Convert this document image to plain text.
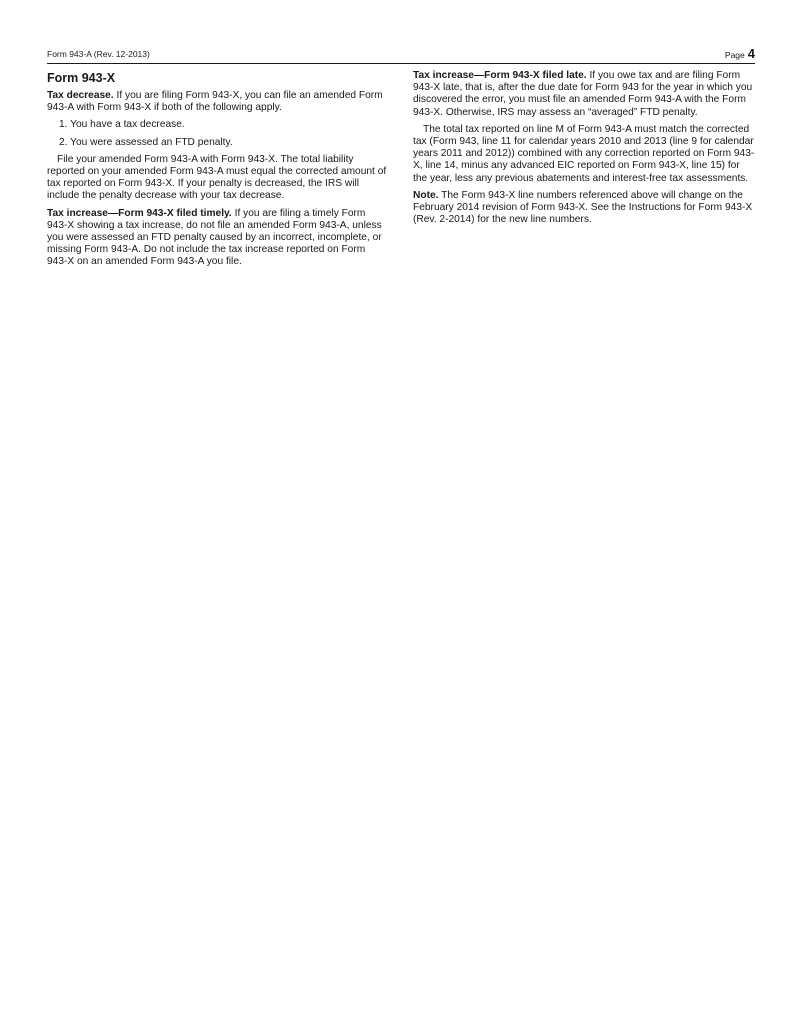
Form 943-A (Rev. 12-2013)	Page 4
Form 943-X

Tax decrease. If you are filing Form 943-X, you can file an amended Form 943-A with Form 943-X if both of the following apply.

1. You have a tax decrease.

2. You were assessed an FTD penalty.

File your amended Form 943-A with Form 943-X. The total liability reported on your amended Form 943-A must equal the corrected amount of tax reported on Form 943-X. If your penalty is decreased, the IRS will include the penalty decrease with your tax decrease.

Tax increase—Form 943-X filed timely. If you are filing a timely Form 943-X showing a tax increase, do not file an amended Form 943-A, unless you were assessed an FTD penalty caused by an incorrect, incomplete, or missing Form 943-A. Do not include the tax increase reported on Form 943-X on an amended Form 943-A you file.

Tax increase—Form 943-X filed late. If you owe tax and are filing Form 943-X late, that is, after the due date for Form 943 for the year in which you discovered the error, you must file an amended Form 943-A with the Form 943-X. Otherwise, IRS may assess an “averaged” FTD penalty.

The total tax reported on line M of Form 943-A must match the corrected tax (Form 943, line 11 for calendar years 2010 and 2013 (line 9 for calendar years 2011 and 2012)) combined with any correction reported on Form 943-X, line 14, minus any advanced EIC reported on Form 943-X, line 15) for the year, less any previous abatements and interest-free tax assessments.

Note. The Form 943-X line numbers referenced above will change on the February 2014 revision of Form 943-X. See the Instructions for Form 943-X (Rev. 2-2014) for the new line numbers.
